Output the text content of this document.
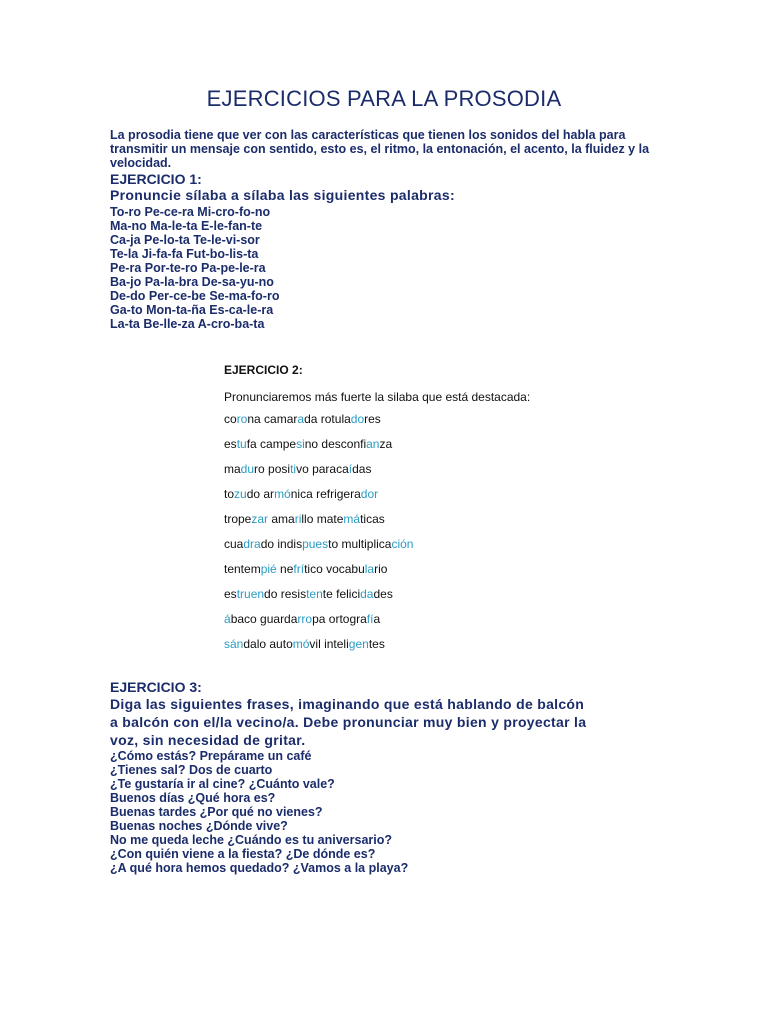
EJERCICIOS PARA LA PROSODIA
La prosodia tiene que ver con las características que tienen los sonidos del habla para transmitir un mensaje con sentido, esto es, el ritmo, la entonación, el acento, la fluidez y la velocidad.
EJERCICIO 1:
Pronuncie sílaba a sílaba las siguientes palabras:
To-ro Pe-ce-ra Mi-cro-fo-no
Ma-no Ma-le-ta E-le-fan-te
Ca-ja Pe-lo-ta Te-le-vi-sor
Te-la Ji-fa-fa Fut-bo-lis-ta
Pe-ra Por-te-ro Pa-pe-le-ra
Ba-jo Pa-la-bra De-sa-yu-no
De-do Per-ce-be Se-ma-fo-ro
Ga-to Mon-ta-ña Es-ca-le-ra
La-ta Be-lle-za A-cro-ba-ta
EJERCICIO 2:
Pronunciaremos más fuerte la silaba que está destacada:
corona camarada rotuladores
estufa campesino desconfianza
maduro positivo paracaídas
tozudo armónica refrigerador
tropezar amarillo matemáticas
cuadrado indispuesto multiplicación
tentempié nefrítico vocabulario
estruendo resistente felicidades
ábaco guardarropa ortografía
sándalo automóvil inteligentes
EJERCICIO 3:
Diga las siguientes frases, imaginando que está hablando de balcón
a balcón con el/la vecino/a. Debe pronunciar muy bien y proyectar la
voz, sin necesidad de gritar.
¿Cómo estás? Prepárame un café
¿Tienes sal? Dos de cuarto
¿Te gustaría ir al cine? ¿Cuánto vale?
Buenos días ¿Qué hora es?
Buenas tardes ¿Por qué no vienes?
Buenas noches ¿Dónde vive?
No me queda leche ¿Cuándo es tu aniversario?
¿Con quién viene a la fiesta? ¿De dónde es?
¿A qué hora hemos quedado? ¿Vamos a la playa?
